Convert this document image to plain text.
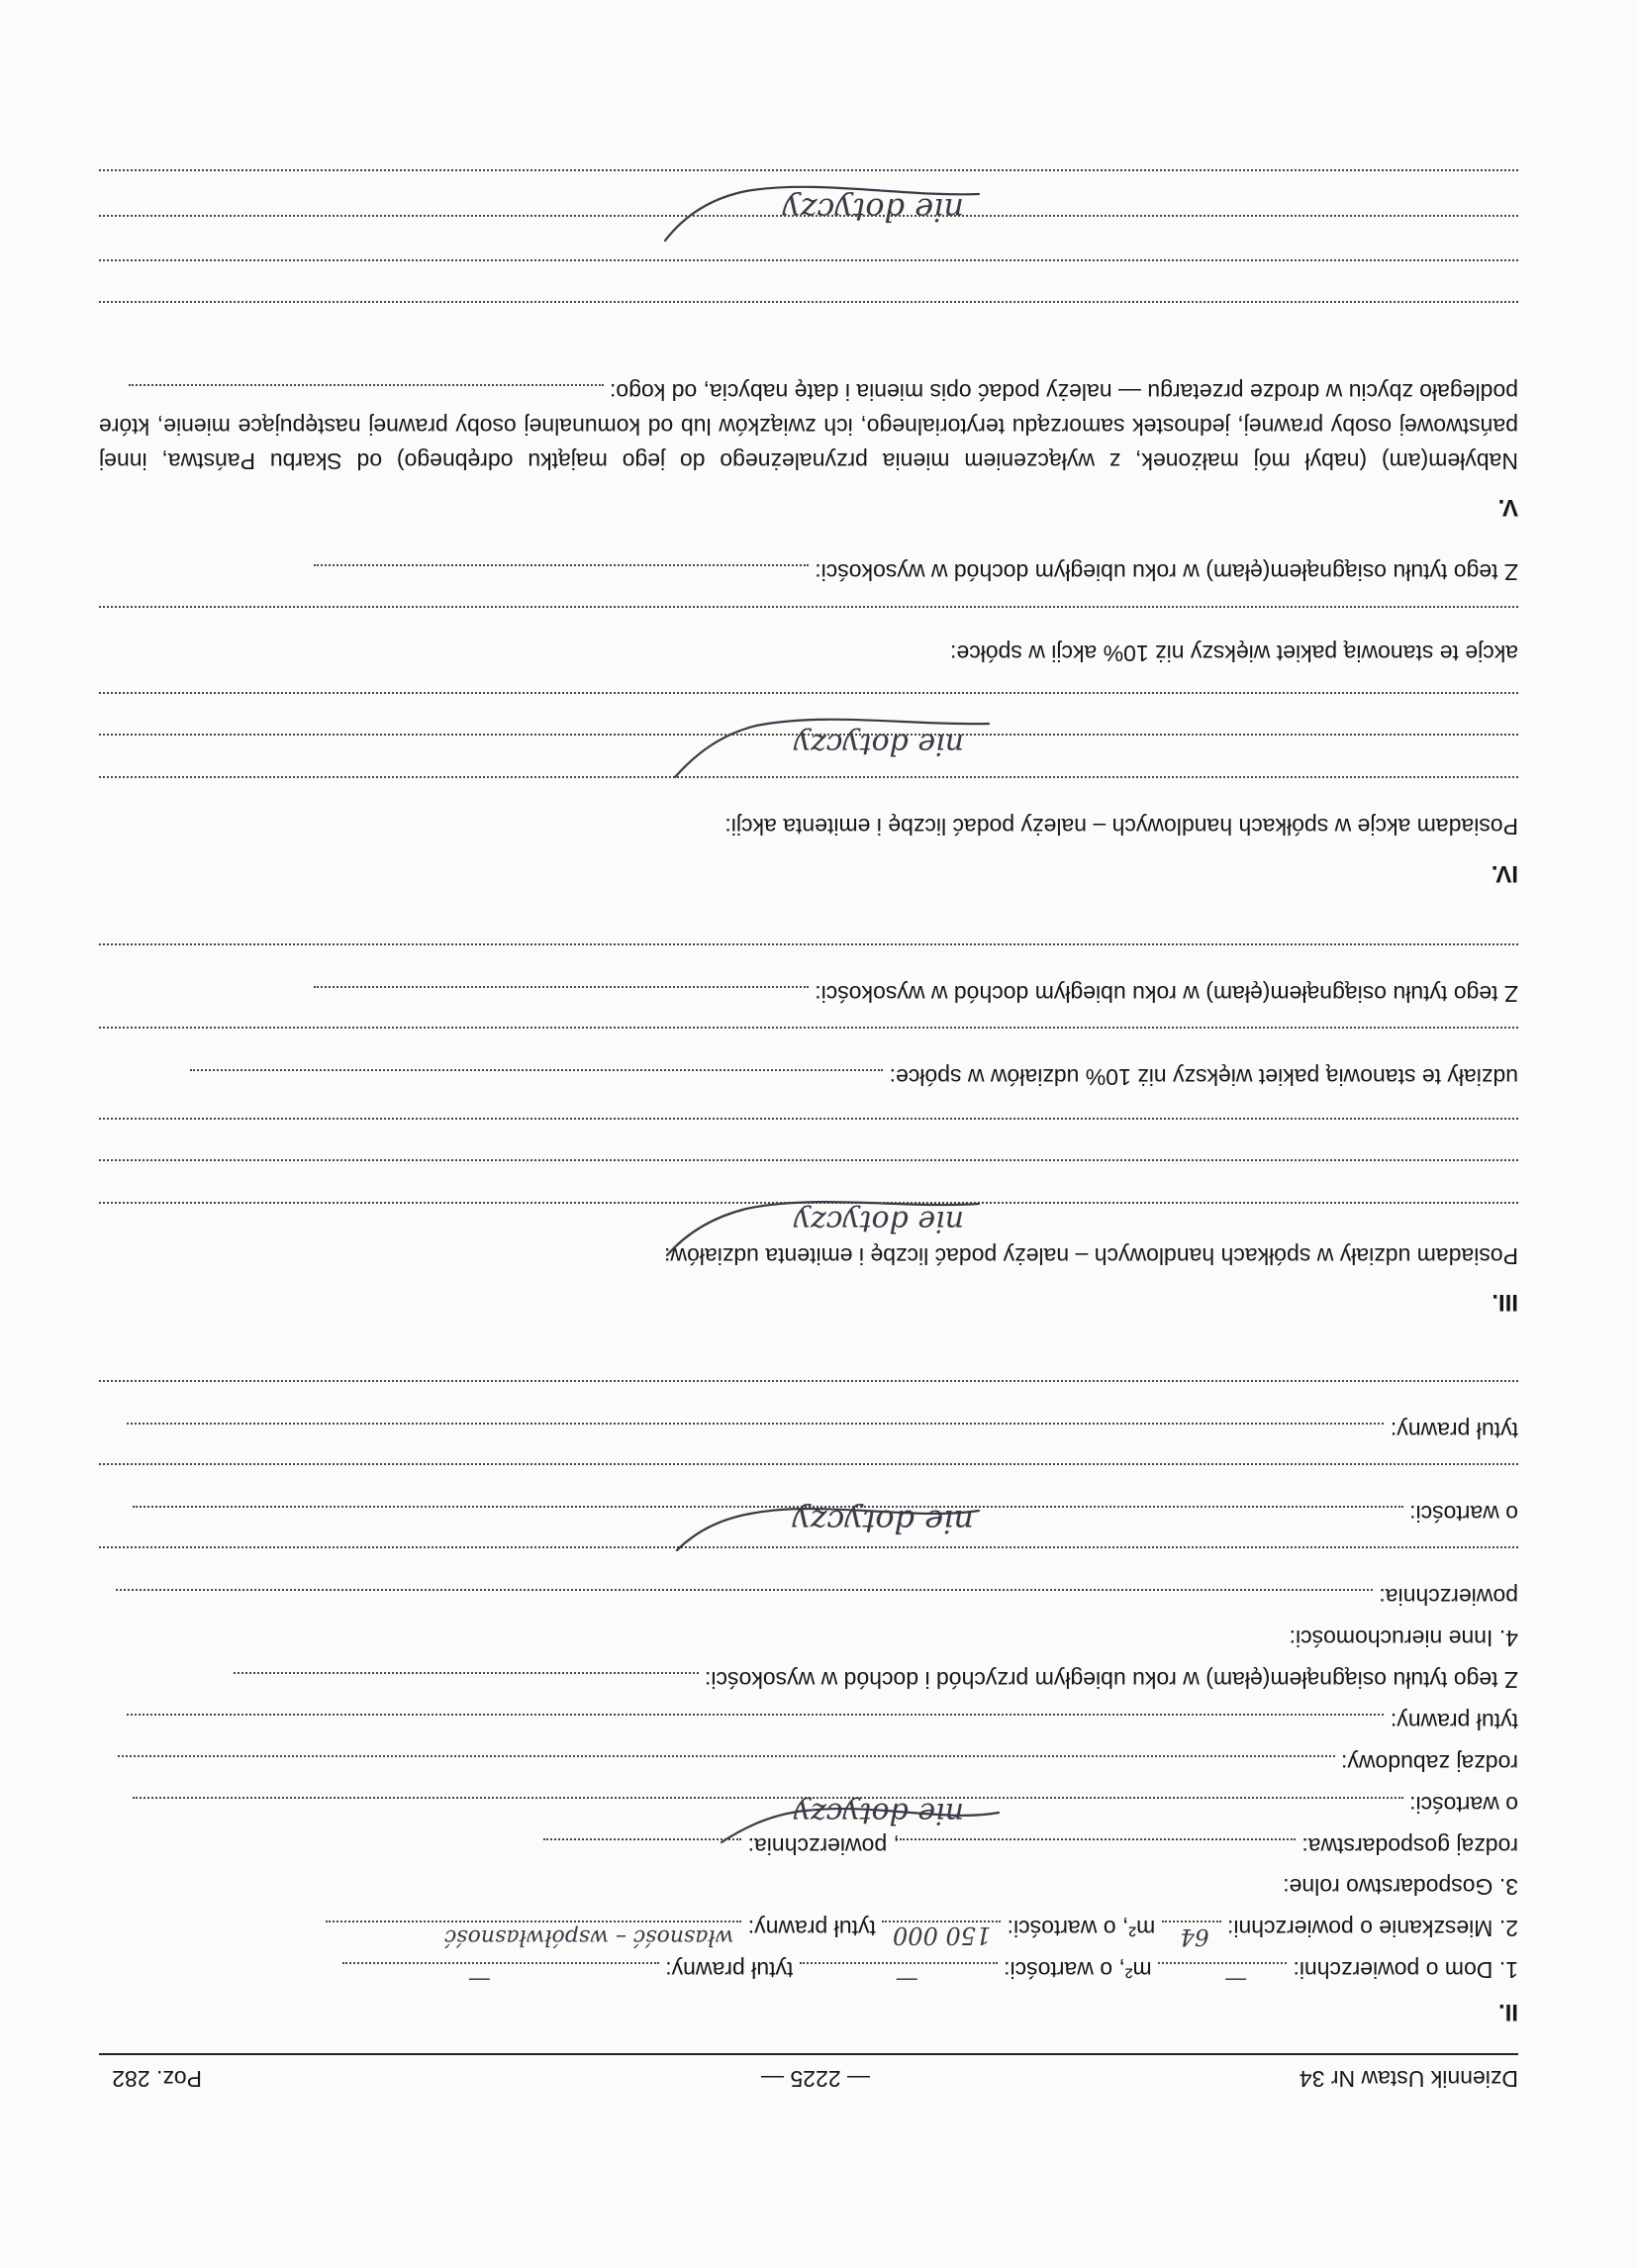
Dziennik Ustaw Nr 34
— 2225 —
Poz. 282
II.
1. Dom o powierzchni:
—
m², o wartości:
—
tytuł prawny:
—
2. Mieszkanie o powierzchni:
64
m², o wartości:
150 000
tytuł prawny:
własność – współwłasność
3. Gospodarstwo rolne:
rodzaj gospodarstwa: , powierzchnia:
o wartości:
nie dotyczy
rodzaj zabudowy:
tytuł prawny:
Z tego tytułu osiągnąłem(ęłam) w roku ubiegłym przychód i dochód w wysokości:
4. Inne nieruchomości:
powierzchnia:
o wartości:
nie dotyczy
tytuł prawny:
III.
Posiadam udziały w spółkach handlowych – należy podać liczbę i emitenta udziałów:
nie dotyczy
udziały te stanowią pakiet większy niż 10% udziałów w spółce:
Z tego tytułu osiągnąłem(ęłam) w roku ubiegłym dochód w wysokości:
IV.
Posiadam akcje w spółkach handlowych – należy podać liczbę i emitenta akcji:
nie dotyczy
akcje te stanowią pakiet większy niż 10% akcji w spółce:
Z tego tytułu osiągnąłem(ęłam) w roku ubiegłym dochód w wysokości:
V.
Nabyłem(am) (nabył mój małżonek, z wyłączeniem mienia przynależnego do jego majątku odrębnego) od Skarbu Państwa, innej państwowej osoby prawnej, jednostek samorządu terytorialnego, ich związków lub od komunalnej osoby prawnej następujące mienie, które podlegało zbyciu w drodze przetargu — należy podać opis mienia i datę nabycia, od kogo:
nie dotyczy
